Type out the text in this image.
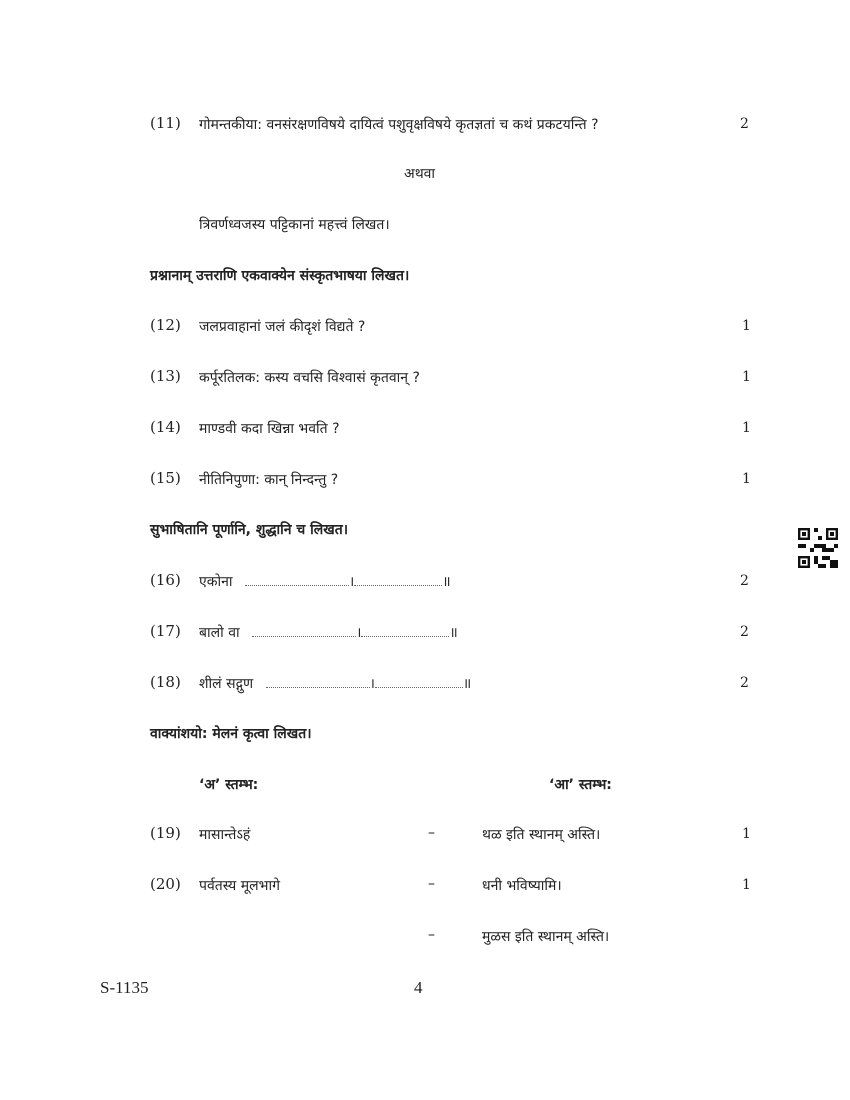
(11) गोमन्तकीया: वनसंरक्षणविषये दायित्वं पशुवृक्षविषये कृतज्ञतां च कथं प्रकटयन्ति ?	2
अथवा
त्रिवर्णध्वजस्य पट्टिकानां महत्त्वं लिखत।
प्रश्नानाम् उत्तराणि एकवाक्येन संस्कृतभाषया लिखत।
(12) जलप्रवाहानां जलं कीदृशं विद्यते ?	1
(13) कर्पूरतिलक: कस्य वचसि विश्वासं कृतवान् ?	1
(14) माण्डवी कदा खिन्ना भवति ?	1
(15) नीतिनिपुणा: कान् निन्दन्तु ?	1
सुभाषितानि पूर्णानि, शुद्धानि च लिखत।
(16) एकोना	।	॥	2
(17) बालो वा	।	॥	2
(18) शीलं सद्गुण	।	॥	2
वाक्यांशयो: मेलनं कृत्वा लिखत।
‘अ’ स्तम्भ:	‘आ’ स्तम्भ:
(19) मासान्तेऽहं	–	थळ इति स्थानम् अस्ति।	1
(20) पर्वतस्य मूलभागे	–	धनी भविष्यामि।	1
–	मुळस इति स्थानम् अस्ति।
S-1135	4
